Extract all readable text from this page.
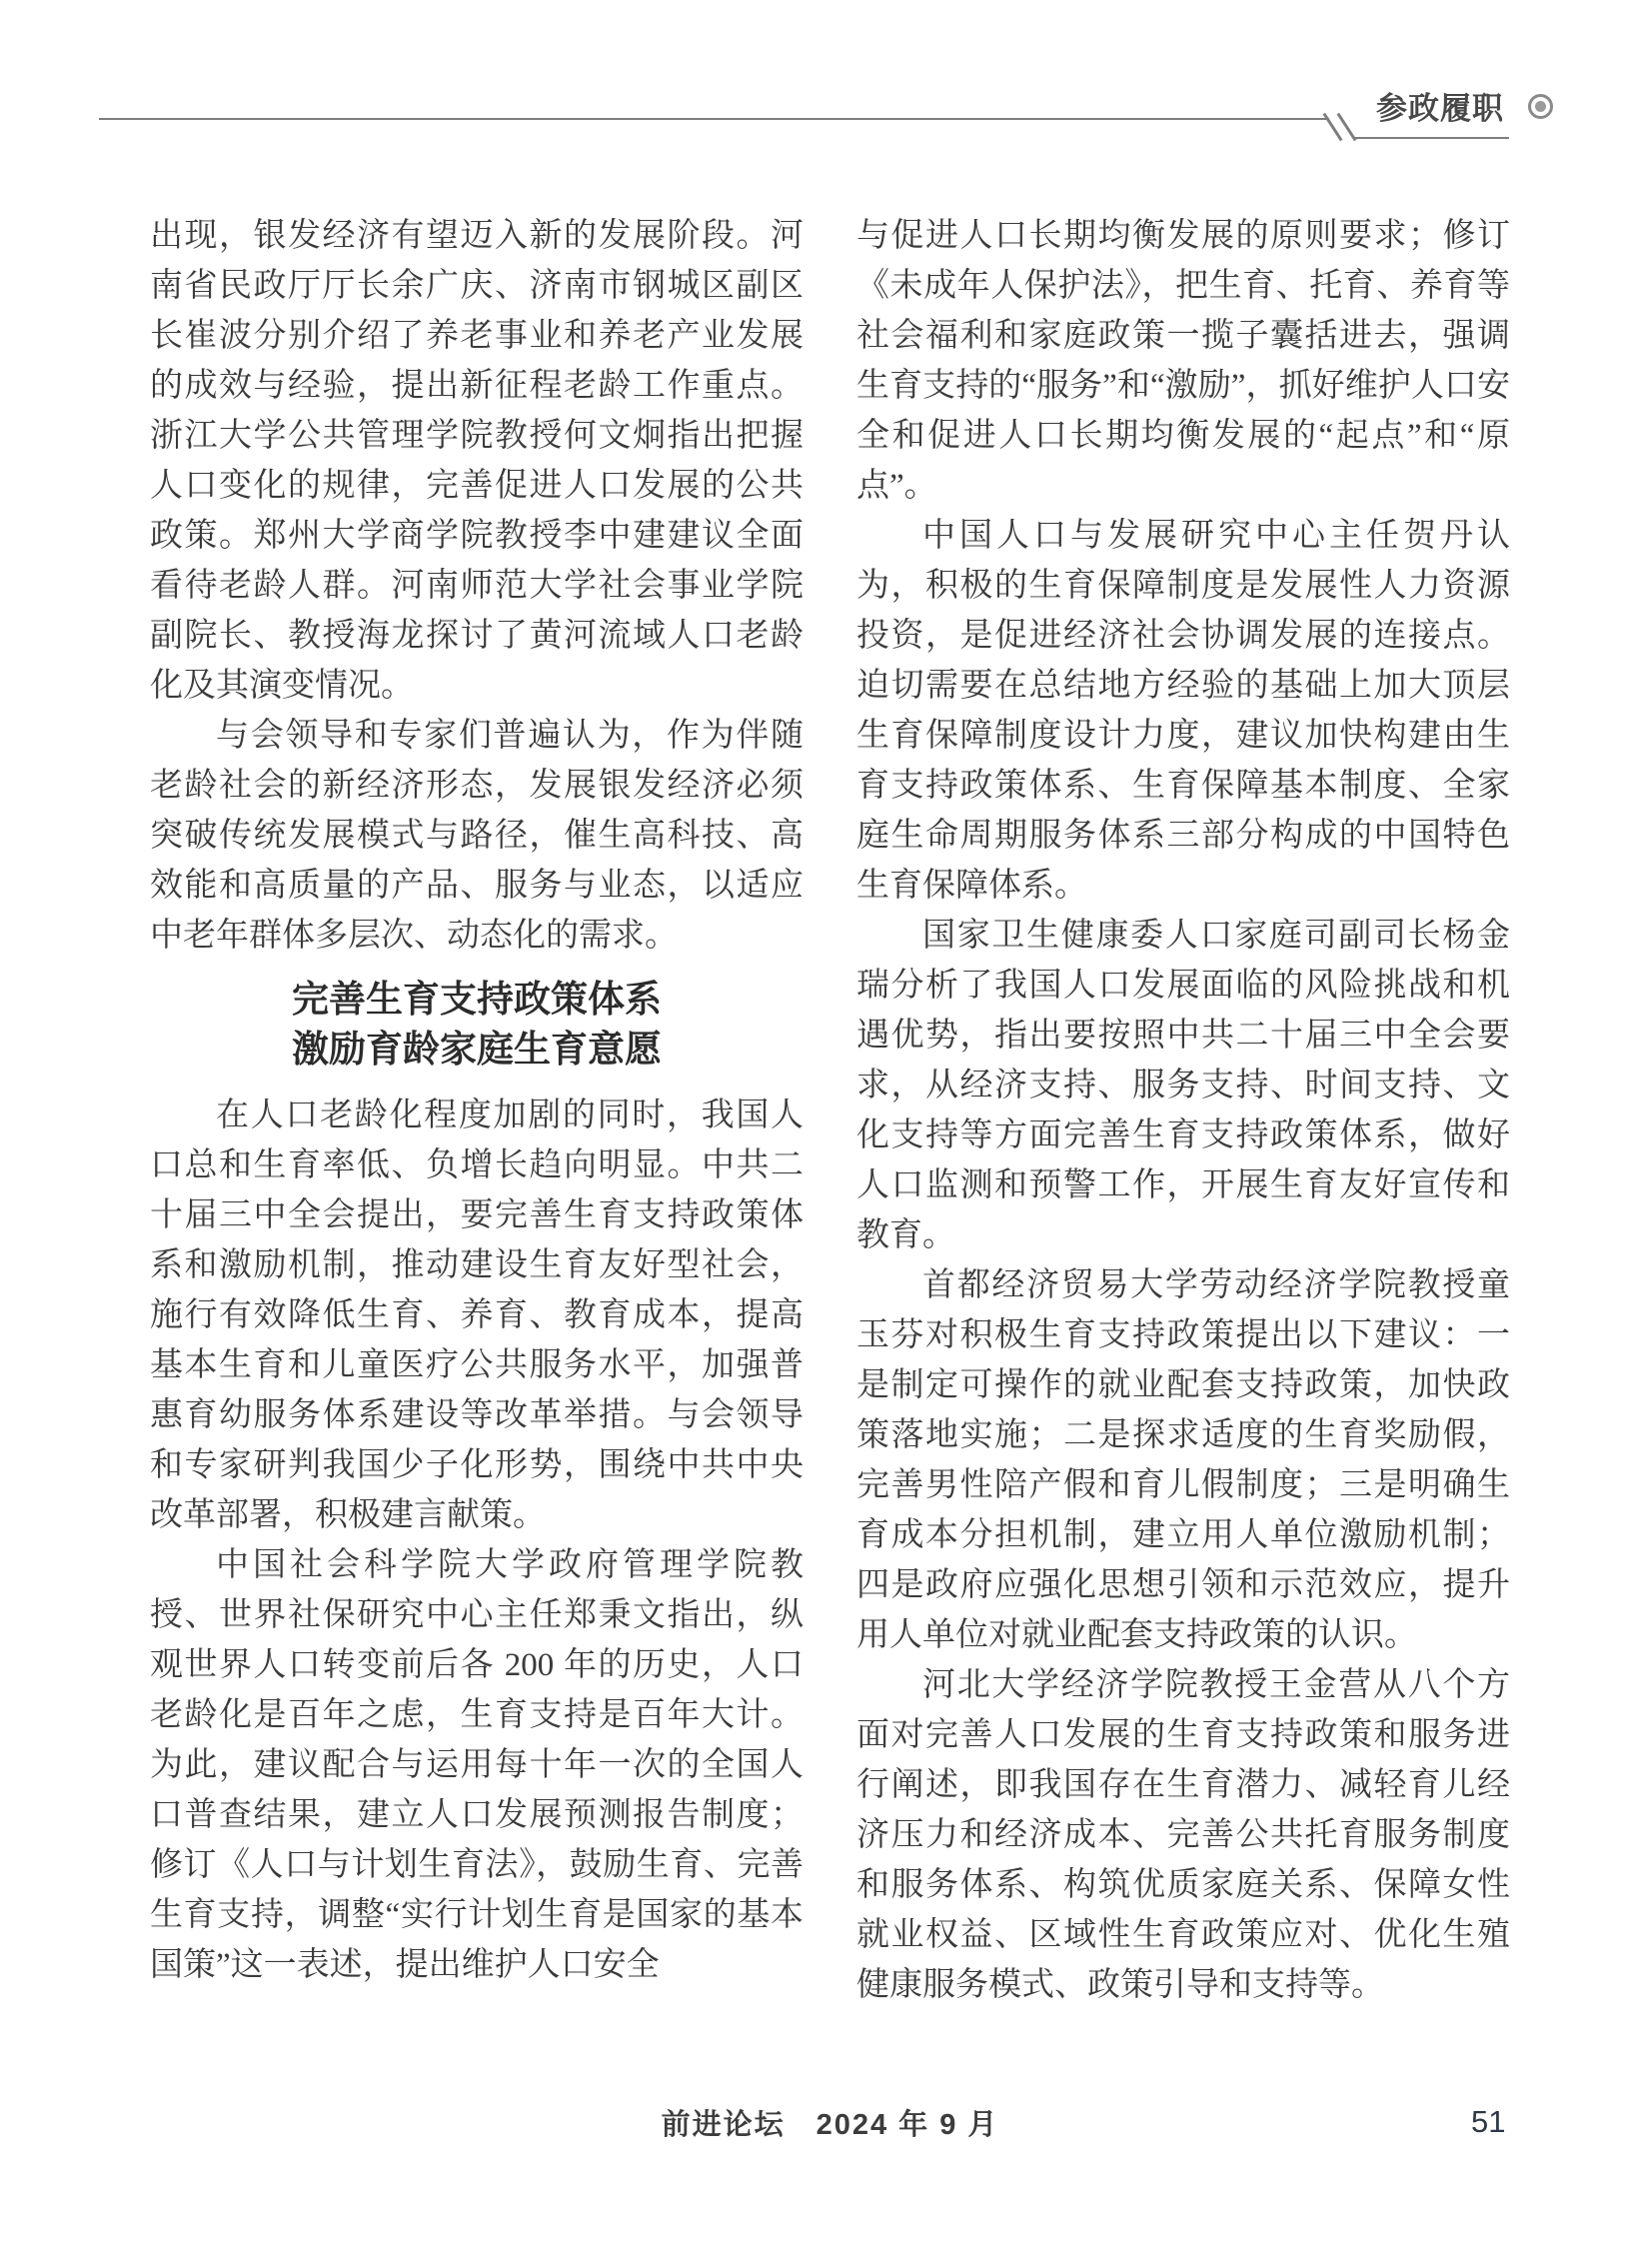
参政履职

出现，银发经济有望迈入新的发展阶段。河南省民政厅厅长余广庆、济南市钢城区副区长崔波分别介绍了养老事业和养老产业发展的成效与经验，提出新征程老龄工作重点。浙江大学公共管理学院教授何文炯指出把握人口变化的规律，完善促进人口发展的公共政策。郑州大学商学院教授李中建建议全面看待老龄人群。河南师范大学社会事业学院副院长、教授海龙探讨了黄河流域人口老龄化及其演变情况。

与会领导和专家们普遍认为，作为伴随老龄社会的新经济形态，发展银发经济必须突破传统发展模式与路径，催生高科技、高效能和高质量的产品、服务与业态，以适应中老年群体多层次、动态化的需求。

完善生育支持政策体系
激励育龄家庭生育意愿

在人口老龄化程度加剧的同时，我国人口总和生育率低、负增长趋向明显。中共二十届三中全会提出，要完善生育支持政策体系和激励机制，推动建设生育友好型社会，施行有效降低生育、养育、教育成本，提高基本生育和儿童医疗公共服务水平，加强普惠育幼服务体系建设等改革举措。与会领导和专家研判我国少子化形势，围绕中共中央改革部署，积极建言献策。

中国社会科学院大学政府管理学院教授、世界社保研究中心主任郑秉文指出，纵观世界人口转变前后各 200 年的历史，人口老龄化是百年之虑，生育支持是百年大计。为此，建议配合与运用每十年一次的全国人口普查结果，建立人口发展预测报告制度；修订《人口与计划生育法》，鼓励生育、完善生育支持，调整“实行计划生育是国家的基本国策”这一表述，提出维护人口安全

与促进人口长期均衡发展的原则要求；修订《未成年人保护法》，把生育、托育、养育等社会福利和家庭政策一揽子囊括进去，强调生育支持的“服务”和“激励”，抓好维护人口安全和促进人口长期均衡发展的“起点”和“原点”。

中国人口与发展研究中心主任贺丹认为，积极的生育保障制度是发展性人力资源投资，是促进经济社会协调发展的连接点。迫切需要在总结地方经验的基础上加大顶层生育保障制度设计力度，建议加快构建由生育支持政策体系、生育保障基本制度、全家庭生命周期服务体系三部分构成的中国特色生育保障体系。

国家卫生健康委人口家庭司副司长杨金瑞分析了我国人口发展面临的风险挑战和机遇优势，指出要按照中共二十届三中全会要求，从经济支持、服务支持、时间支持、文化支持等方面完善生育支持政策体系，做好人口监测和预警工作，开展生育友好宣传和教育。

首都经济贸易大学劳动经济学院教授童玉芬对积极生育支持政策提出以下建议：一是制定可操作的就业配套支持政策，加快政策落地实施；二是探求适度的生育奖励假，完善男性陪产假和育儿假制度；三是明确生育成本分担机制，建立用人单位激励机制；四是政府应强化思想引领和示范效应，提升用人单位对就业配套支持政策的认识。

河北大学经济学院教授王金营从八个方面对完善人口发展的生育支持政策和服务进行阐述，即我国存在生育潜力、减轻育儿经济压力和经济成本、完善公共托育服务制度和服务体系、构筑优质家庭关系、保障女性就业权益、区域性生育政策应对、优化生殖健康服务模式、政策引导和支持等。

前进论坛　2024 年 9 月	51
